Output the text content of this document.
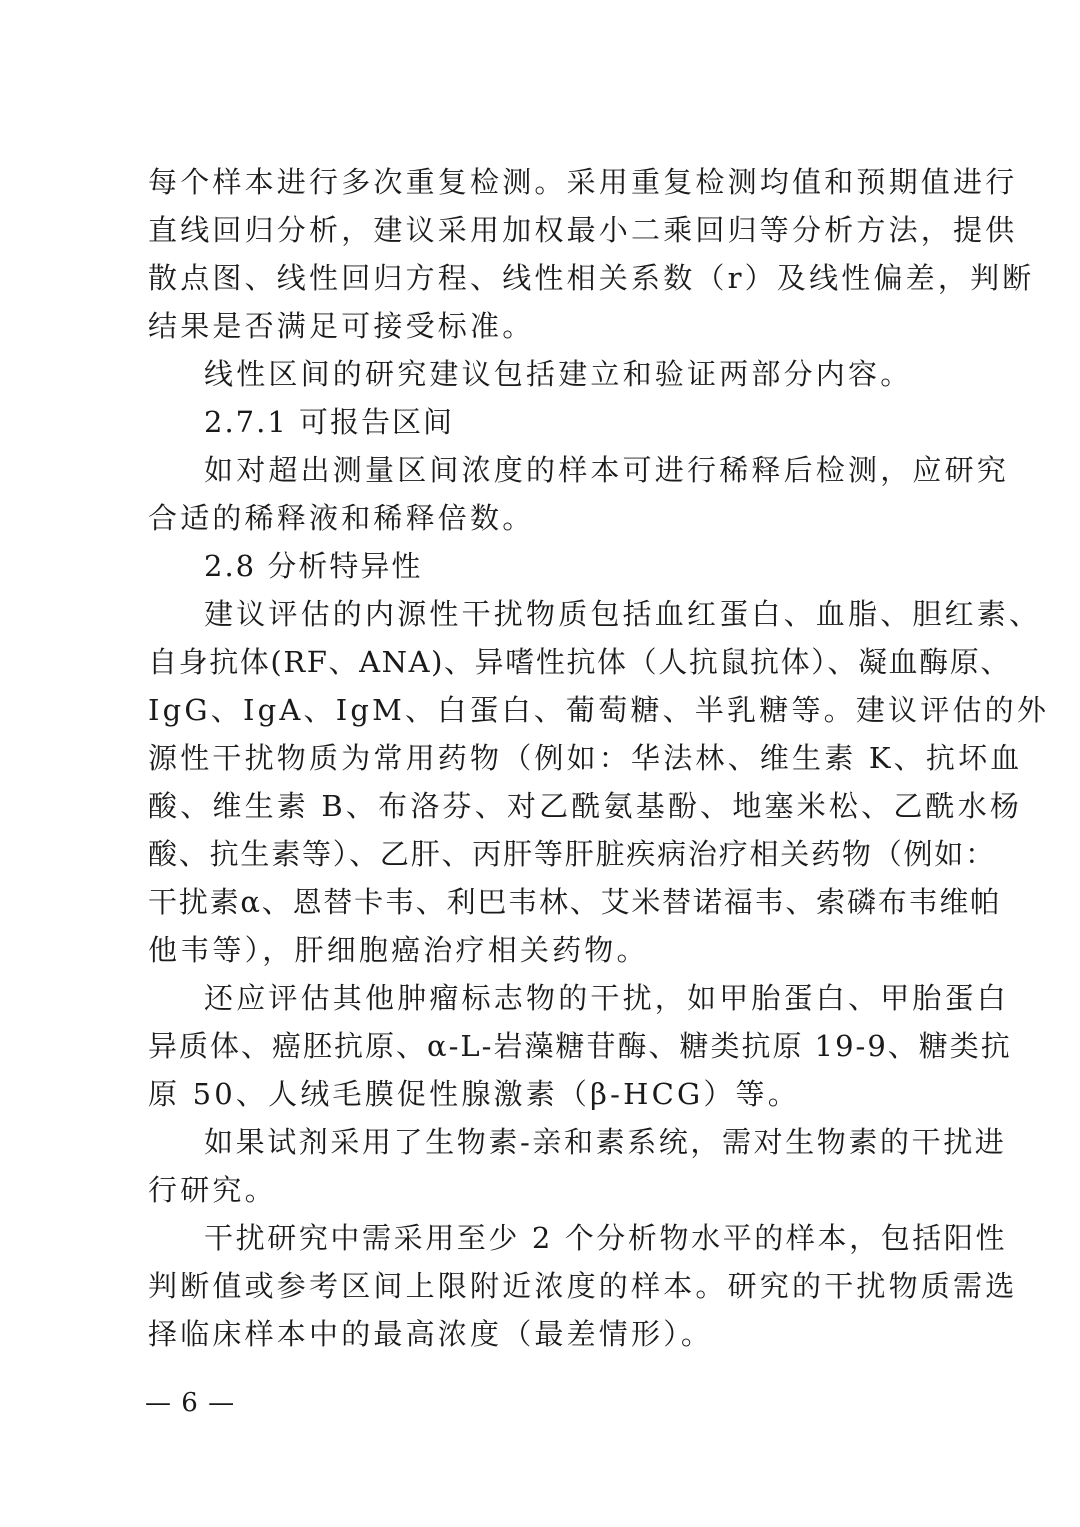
每个样本进行多次重复检测。采用重复检测均值和预期值进行
直线回归分析，建议采用加权最小二乘回归等分析方法，提供
散点图、线性回归方程、线性相关系数（r）及线性偏差，判断
结果是否满足可接受标准。
线性区间的研究建议包括建立和验证两部分内容。
2.7.1 可报告区间
如对超出测量区间浓度的样本可进行稀释后检测，应研究
合适的稀释液和稀释倍数。
2.8 分析特异性
建议评估的内源性干扰物质包括血红蛋白、血脂、胆红素、
自身抗体(RF、ANA)、异嗜性抗体（人抗鼠抗体）、凝血酶原、
IgG、IgA、IgM、白蛋白、葡萄糖、半乳糖等。建议评估的外
源性干扰物质为常用药物（例如：华法林、维生素 K、抗坏血
酸、维生素 B、布洛芬、对乙酰氨基酚、地塞米松、乙酰水杨
酸、抗生素等）、乙肝、丙肝等肝脏疾病治疗相关药物（例如：
干扰素α、恩替卡韦、利巴韦林、艾米替诺福韦、索磷布韦维帕
他韦等），肝细胞癌治疗相关药物。
还应评估其他肿瘤标志物的干扰，如甲胎蛋白、甲胎蛋白
异质体、癌胚抗原、α-L-岩藻糖苷酶、糖类抗原 19-9、糖类抗
原 50、人绒毛膜促性腺激素（β-HCG）等。
如果试剂采用了生物素-亲和素系统，需对生物素的干扰进
行研究。
干扰研究中需采用至少 2 个分析物水平的样本，包括阳性
判断值或参考区间上限附近浓度的样本。研究的干扰物质需选
择临床样本中的最高浓度（最差情形）。
— 6 —
